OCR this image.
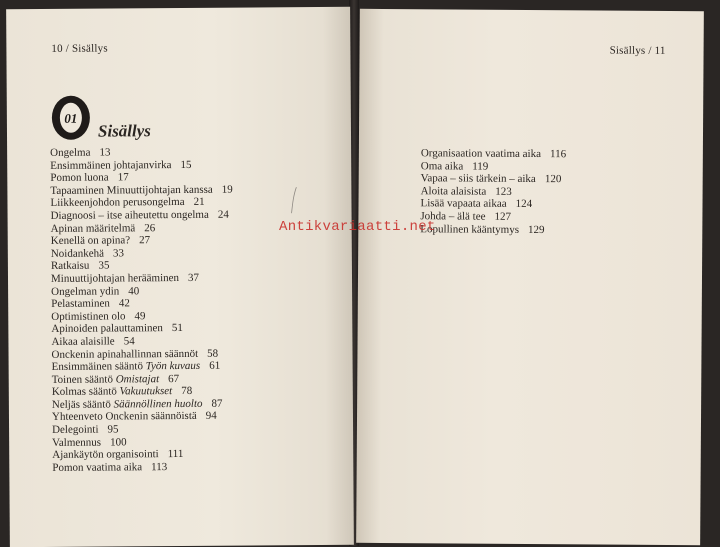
10 / Sisällys
01
Sisällys
Ongelma 13
Ensimmäinen johtajanvirka 15
Pomon luona 17
Tapaaminen Minuuttijohtajan kanssa 19
Liikkeenjohdon perusongelma 21
Diagnoosi – itse aiheutettu ongelma 24
Apinan määritelmä 26
Kenellä on apina? 27
Noidankehä 33
Ratkaisu 35
Minuuttijohtajan herääminen 37
Ongelman ydin 40
Pelastaminen 42
Optimistinen olo 49
Apinoiden palauttaminen 51
Aikaa alaisille 54
Onckenin apinahallinnan säännöt 58
Ensimmäinen sääntö Työn kuvaus 61
Toinen sääntö Omistajat 67
Kolmas sääntö Vakuutukset 78
Neljäs sääntö Säännöllinen huolto 87
Yhteenveto Onckenin säännöistä 94
Delegointi 95
Valmennus 100
Ajankäytön organisointi 111
Pomon vaatima aika 113
Sisällys / 11
Organisaation vaatima aika 116
Oma aika 119
Vapaa – siis tärkein – aika 120
Aloita alaisista 123
Lisää vapaata aikaa 124
Johda – älä tee 127
Lopullinen kääntymys 129
Antikvariaatti.net
